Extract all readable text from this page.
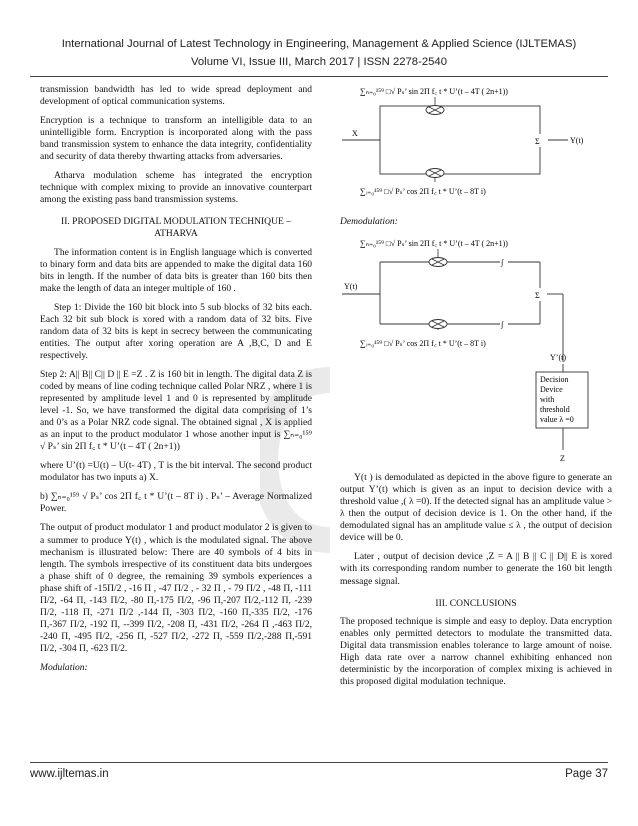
International Journal of Latest Technology in Engineering, Management & Applied Science (IJLTEMAS)
Volume VI, Issue III, March 2017 | ISSN 2278-2540

transmission bandwidth has led to wide spread deployment and development of optical communication systems.

Encryption is a technique to transform an intelligible data to an unintelligible form. Encryption is incorporated along with the pass band transmission system to enhance the data integrity, confidentiality and security of data thereby thwarting attacks from adversaries.

Atharva modulation scheme has integrated the encryption technique with complex mixing to provide an innovative counterpart among the existing pass band transmission systems.

II. PROPOSED DIGITAL MODULATION TECHNIQUE – ATHARVA

The information content is in English language which is converted to binary form and data bits are appended to make the digital data 160 bits in length. If the number of data bits is greater than 160 bits then make the length of data an integer multiple of 160 .

Step 1: Divide the 160 bit block into 5 sub blocks of 32 bits each. Each 32 bit sub block is xored with a random data of 32 bits. Five random data of 32 bits is kept in secrecy between the communicating entities. The output after xoring operation are A ,B,C, D and E respectively.

Step 2: A|| B|| C|| D || E =Z . Z is 160 bit in length. The digital data Z is coded by means of line coding technique called Polar NRZ , where 1 is represented by amplitude level 1 and 0 is represented by amplitude level -1. So, we have transformed the digital data comprising of 1’s and 0’s as a Polar NRZ code signal. The obtained signal , X is applied as an input to the product modulator 1 whose another input is ∑ₙ₌₀¹⁵⁹ √ Pₛ’ sin 2Π f꜀ t * U’(t – 4T ( 2n+1))

where U’(t) =U(t) – U(t- 4T) , T is the bit interval. The second product modulator has two inputs a) X.

b) ∑ₙ₌₀¹⁵⁹ √ Pₛ’ cos 2Π f꜀ t * U’(t – 8T i) . Pₛ’ – Average Normalized Power.

The output of product modulator 1 and product modulator 2 is given to a summer to produce Y(t) , which is the modulated signal. The above mechanism is illustrated below: There are 40 symbols of 4 bits in length. The symbols irrespective of its constituent data bits undergoes a phase shift of 0 degree, the remaining 39 symbols experiences a phase shift of -15Π/2 , -16 Π , -47 Π/2 , - 32 Π , - 79 Π/2 , -48 Π, -111 Π/2, -64 Π, -143 Π/2, -80 Π,-175 Π/2, -96 Π,-207 Π/2,-112 Π, -239 Π/2, -118 Π, -271 Π/2 ,-144 Π, -303 Π/2, -160 Π,-335 Π/2, -176 Π,-367 Π/2, -192 Π, --399 Π/2, -208 Π, -431 Π/2, -264 Π ,-463 Π/2, -240 Π, -495 Π/2, -256 Π, -527 Π/2, -272 Π, -559 Π/2,-288 Π,-591 Π/2, -304 Π, -623 Π/2.

Modulation:

∑ₙ₌₀¹⁵⁹ □√ Pₛ’ sin 2Π f꜀ t * U’(t – 4T ( 2n+1))
X
Σ	Y(t)
∑ᵢ₌₀¹⁵⁹ □√ Pₛ’ cos 2Π f꜀ t * U’(t – 8T i)

Demodulation:

∑ₙ₌₀¹⁵⁹ □√ Pₛ’ sin 2Π f꜀ t * U’(t – 4T ( 2n+1))
Y(t)
∫
∫
Σ
∑ᵢ₌₀¹⁵⁹ □√ Pₛ’ cos 2Π f꜀ t * U’(t – 8T i)
Y’(t)
Decision
Device
with
threshold
value λ =0
Z

Y(t ) is demodulated as depicted in the above figure to generate an output Y’(t) which is given as an input to decision device with a threshold value ,( λ =0). If the detected signal has an amplitude value > λ then the output of decision device is 1. On the other hand, if the demodulated signal has an amplitude value ≤ λ , the output of decision device will be 0.

Later , output of decision device ,Z = A || B || C || D|| E is xored with its corresponding random number to generate the 160 bit length message signal.

III. CONCLUSIONS

The proposed technique is simple and easy to deploy. Data encryption enables only permitted detectors to modulate the transmitted data. Digital data transmission enables tolerance to large amount of noise. High data rate over a narrow channel exhibiting enhanced non deterministic by the incorporation of complex mixing is achieved in this proposed digital modulation technique.

www.ijltemas.in	Page 37
